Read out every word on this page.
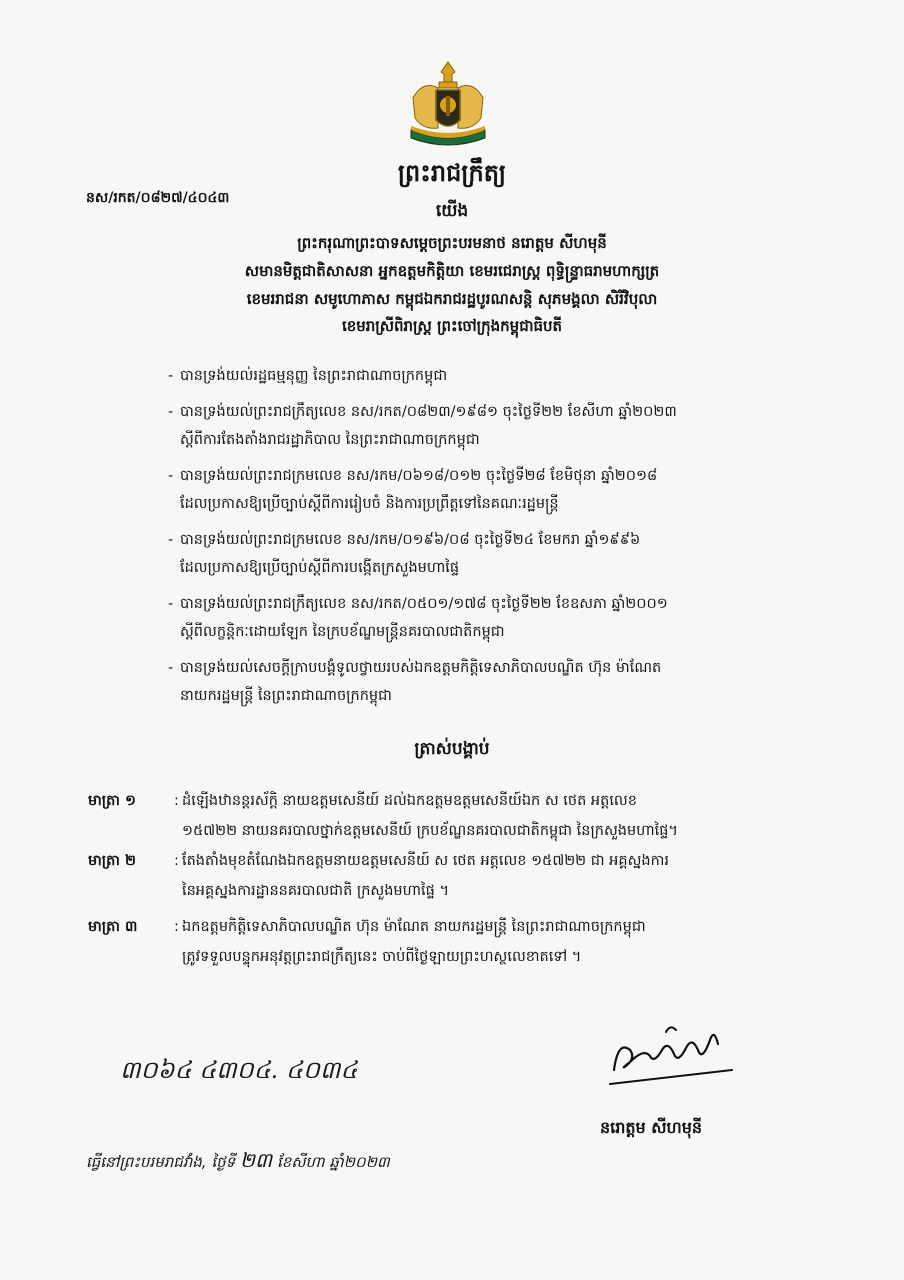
ព្រះរាជក្រឹត្យ
នស/រកត/០៨២៧/៤០៤៣
យើង
ព្រះករុណាព្រះបាទសម្តេចព្រះបរមនាថ នរោត្តម សីហមុនី
សមានមិត្តជាតិសាសនា អ្នកឧត្តមកិត្តិយា ខេមរជេរាស្ត្រ ពុទ្ធិន្ទ្រាធរាមហាក្សត្រ
ខេមររាជនា សមូហោភាស កម្ពុជឯករាជរដ្ឋបូរណសន្តិ សុភមង្គលា សិរីវិបុលា
ខេមរាស្រីពិរាស្ត្រ ព្រះចៅក្រុងកម្ពុជាធិបតី
- បានទ្រង់យល់រដ្ឋធម្មនុញ្ញ នៃព្រះរាជាណាចក្រកម្ពុជា
- បានទ្រង់យល់ព្រះរាជក្រឹត្យលេខ នស/រកត/០៨២៣/១៩៨១ ចុះថ្ងៃទី២២ ខែសីហា ឆ្នាំ២០២៣
ស្តីពីការតែងតាំងរាជរដ្ឋាភិបាល នៃព្រះរាជាណាចក្រកម្ពុជា
- បានទ្រង់យល់ព្រះរាជក្រមលេខ នស/រកម/០៦១៨/០១២ ចុះថ្ងៃទី២៨ ខែមិថុនា ឆ្នាំ២០១៨
ដែលប្រកាសឱ្យប្រើច្បាប់ស្តីពីការរៀបចំ និងការប្រព្រឹត្តទៅនៃគណៈរដ្ឋមន្ត្រី
- បានទ្រង់យល់ព្រះរាជក្រមលេខ នស/រកម/០១៩៦/០៨ ចុះថ្ងៃទី២៤ ខែមករា ឆ្នាំ១៩៩៦
ដែលប្រកាសឱ្យប្រើច្បាប់ស្តីពីការបង្កើតក្រសួងមហាផ្ទៃ
- បានទ្រង់យល់ព្រះរាជក្រឹត្យលេខ នស/រកត/០៥០១/១៧៨ ចុះថ្ងៃទី២២ ខែឧសភា ឆ្នាំ២០០១
ស្តីពីលក្ខន្តិកៈដោយឡែក នៃក្របខ័ណ្ឌមន្ត្រីនគរបាលជាតិកម្ពុជា
- បានទ្រង់យល់សេចក្តីក្រាបបង្គំទូលថ្វាយរបស់ឯកឧត្តមកិត្តិទេសាភិបាលបណ្ឌិត ហ៊ុន ម៉ាណែត
នាយករដ្ឋមន្ត្រី នៃព្រះរាជាណាចក្រកម្ពុជា
ត្រាស់បង្គាប់
មាត្រា ១	: ដំឡើងឋានន្តរស័ក្តិ នាយឧត្តមសេនីយ៍ ដល់ឯកឧត្តមឧត្តមសេនីយ៍ឯក ស ថេត អត្តលេខ
១៥៧២២ នាយនគរបាលថ្នាក់ឧត្តមសេនីយ៍ ក្របខ័ណ្ឌនគរបាលជាតិកម្ពុជា នៃក្រសួងមហាផ្ទៃ។
មាត្រា ២	: តែងតាំងមុខតំណែងឯកឧត្តមនាយឧត្តមសេនីយ៍ ស ថេត អត្តលេខ ១៥៧២២ ជា អគ្គស្នងការ
នៃអគ្គស្នងការដ្ឋាននគរបាលជាតិ ក្រសួងមហាផ្ទៃ ។
មាត្រា ៣	: ឯកឧត្តមកិត្តិទេសាភិបាលបណ្ឌិត ហ៊ុន ម៉ាណែត នាយករដ្ឋមន្ត្រី នៃព្រះរាជាណាចក្រកម្ពុជា
ត្រូវទទួលបន្ទុកអនុវត្តព្រះរាជក្រឹត្យនេះ ចាប់ពីថ្ងៃឡាយព្រះហស្ថលេខាតទៅ ។
៣០៦៤ ៤៣០៤. ៤០៣៤
នរោត្តម សីហមុនី
ធ្វើនៅព្រះបរមរាជវាំង, ថ្ងៃទី ២៣ ខែសីហា ឆ្នាំ២០២៣
